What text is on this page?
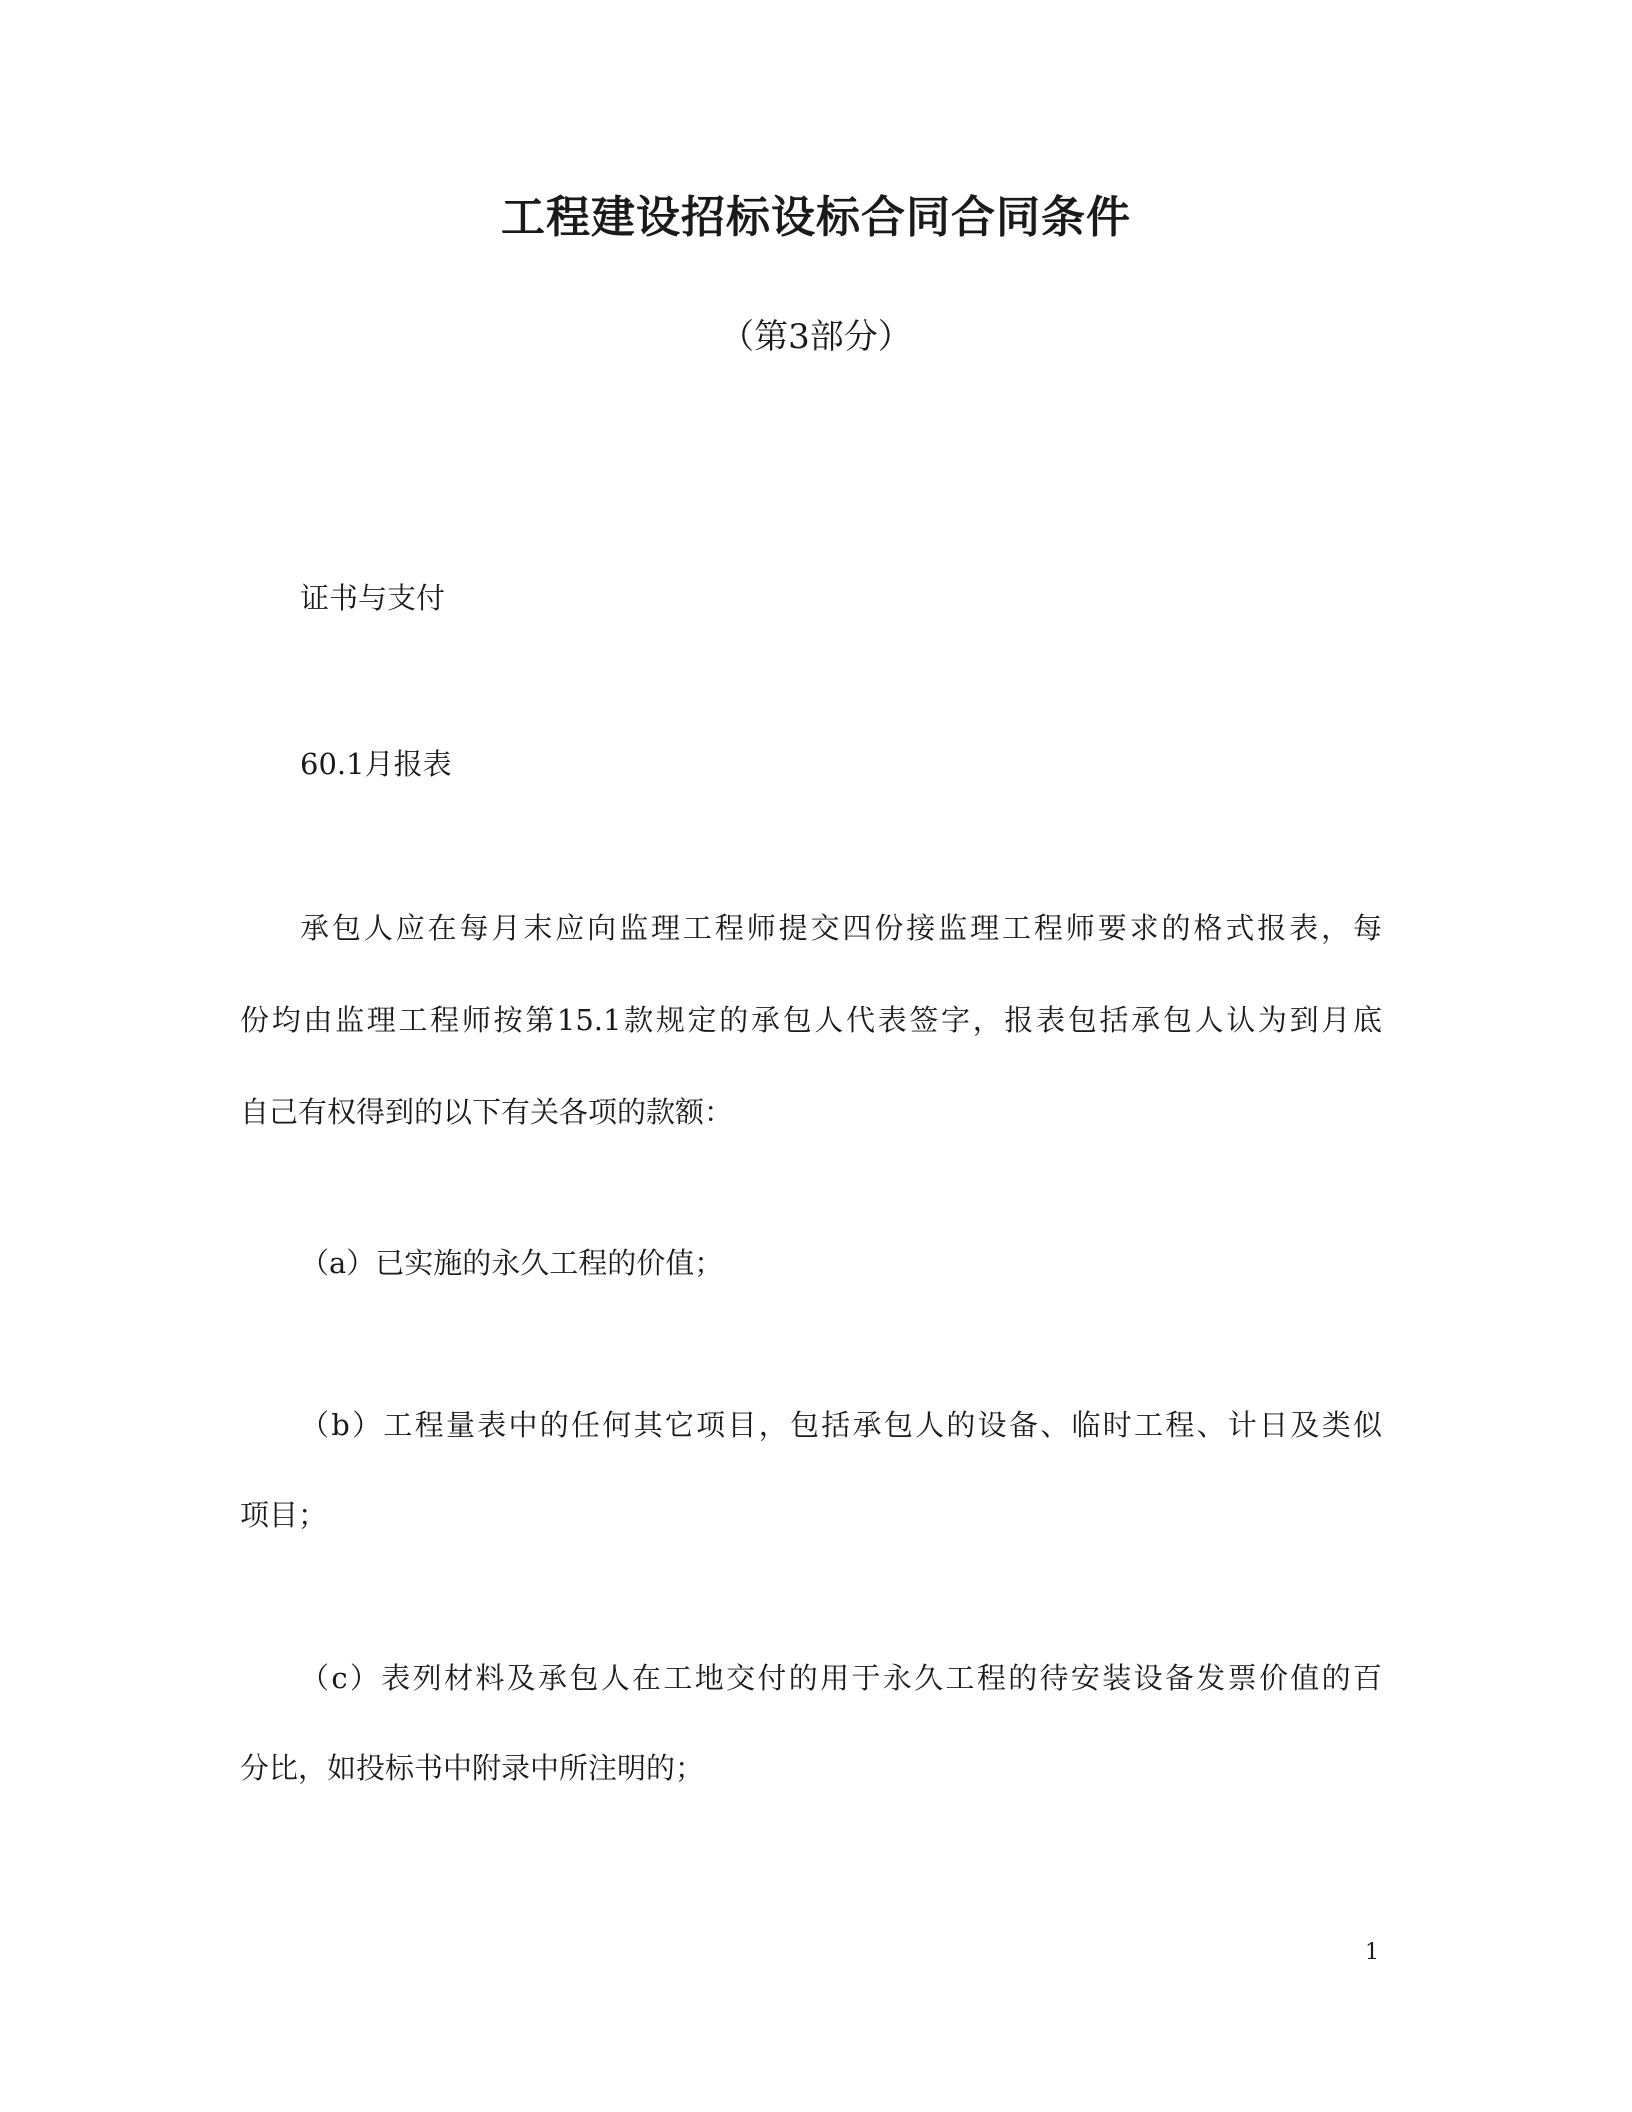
工程建设招标设标合同合同条件
（第3部分）
证书与支付
60.1月报表
承包人应在每月末应向监理工程师提交四份接监理工程师要求的格式报表，每
份均由监理工程师按第15.1款规定的承包人代表签字，报表包括承包人认为到月底
自己有权得到的以下有关各项的款额：
（a）已实施的永久工程的价值；
（b）工程量表中的任何其它项目，包括承包人的设备、临时工程、计日及类似
项目；
（c）表列材料及承包人在工地交付的用于永久工程的待安装设备发票价值的百
分比，如投标书中附录中所注明的；
1
